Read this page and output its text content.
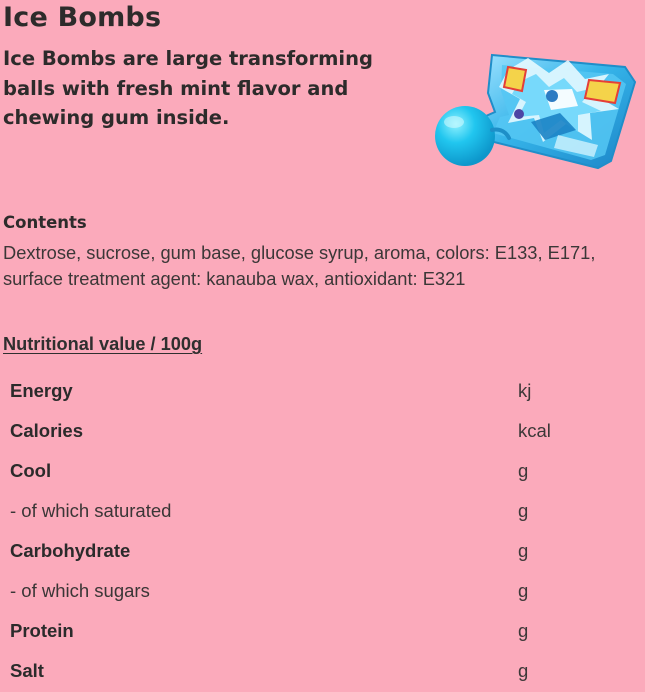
Ice Bombs

Ice Bombs are large transforming balls with fresh mint flavor and chewing gum inside.

Contents

Dextrose, sucrose, gum base, glucose syrup, aroma, colors: E133, E171, surface treatment agent: kanauba wax, antioxidant: E321

Nutritional value / 100g
Energy	kj
Calories	kcal
Cool	g
- of which saturated	g
Carbohydrate	g
- of which sugars	g
Protein	g
Salt	g
